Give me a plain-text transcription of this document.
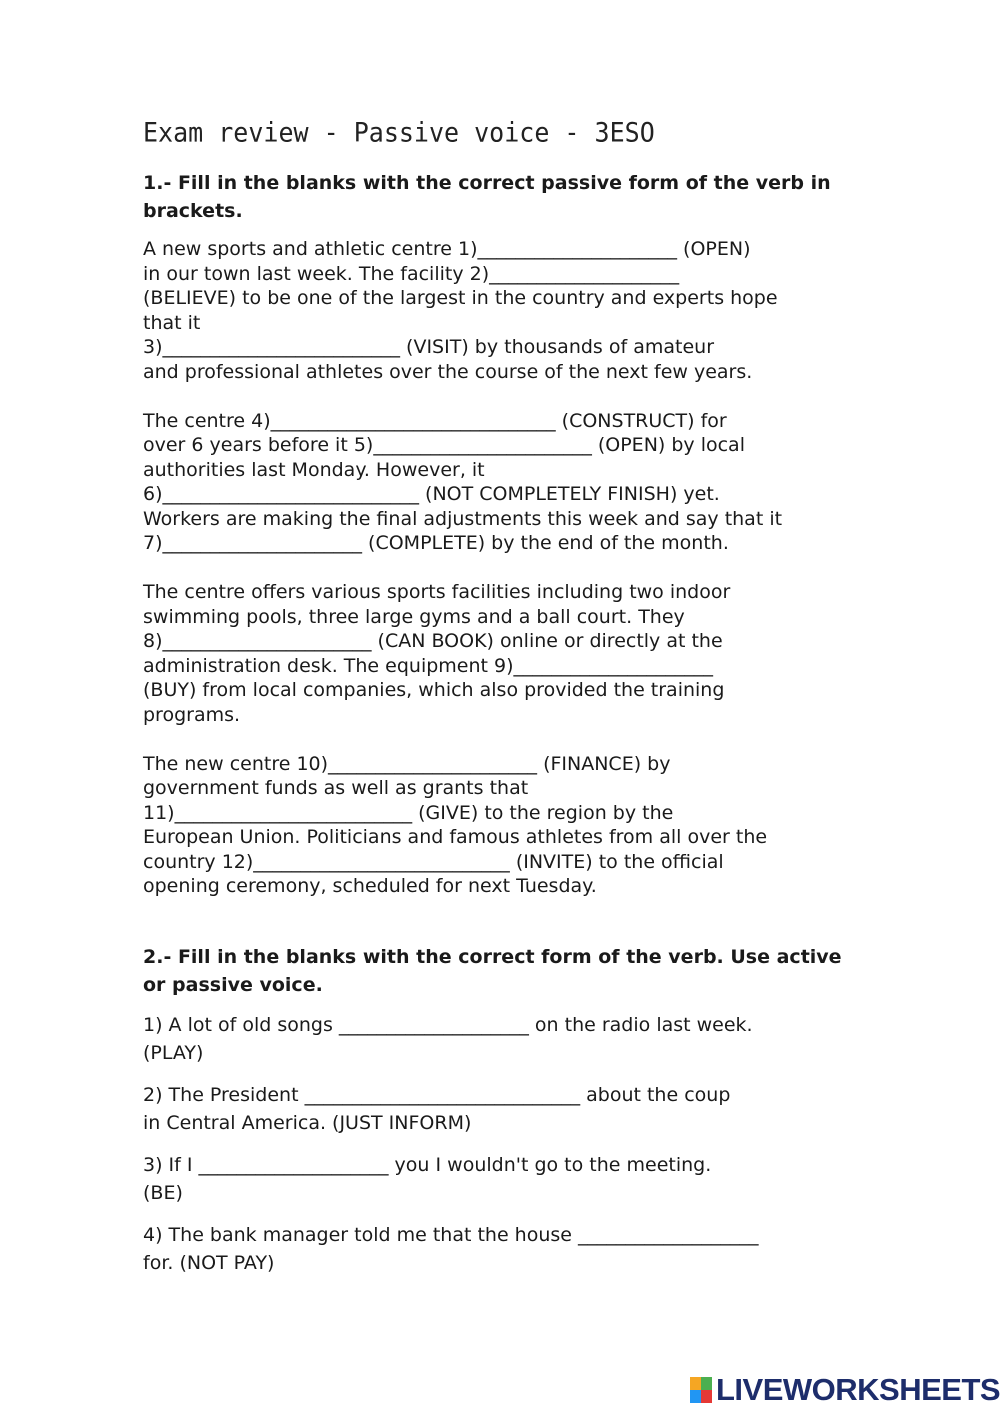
Exam review - Passive voice - 3ESO
1.- Fill in the blanks with the correct passive form of the verb in brackets.

A new sports and athletic centre 1)_____________________ (OPEN)
in our town last week. The facility 2)____________________
(BELIEVE) to be one of the largest in the country and experts hope
that it
3)_________________________ (VISIT) by thousands of amateur
and professional athletes over the course of the next few years.

The centre 4)______________________________ (CONSTRUCT) for
over 6 years before it 5)_______________________ (OPEN) by local
authorities last Monday. However, it
6)___________________________ (NOT COMPLETELY FINISH) yet.
Workers are making the final adjustments this week and say that it
7)_____________________ (COMPLETE) by the end of the month.

The centre offers various sports facilities including two indoor
swimming pools, three large gyms and a ball court. They
8)______________________ (CAN BOOK) online or directly at the
administration desk. The equipment 9)_____________________
(BUY) from local companies, which also provided the training
programs.

The new centre 10)______________________ (FINANCE) by
government funds as well as grants that
11)_________________________ (GIVE) to the region by the
European Union. Politicians and famous athletes from all over the
country 12)___________________________ (INVITE) to the official
opening ceremony, scheduled for next Tuesday.

2.- Fill in the blanks with the correct form of the verb. Use active or passive voice.

1) A lot of old songs ____________________ on the radio last week.
(PLAY)

2) The President _____________________________ about the coup
in Central America. (JUST INFORM)

3) If I ____________________ you I wouldn't go to the meeting.
(BE)

4) The bank manager told me that the house ___________________
for. (NOT PAY)

LIVEWORKSHEETS
